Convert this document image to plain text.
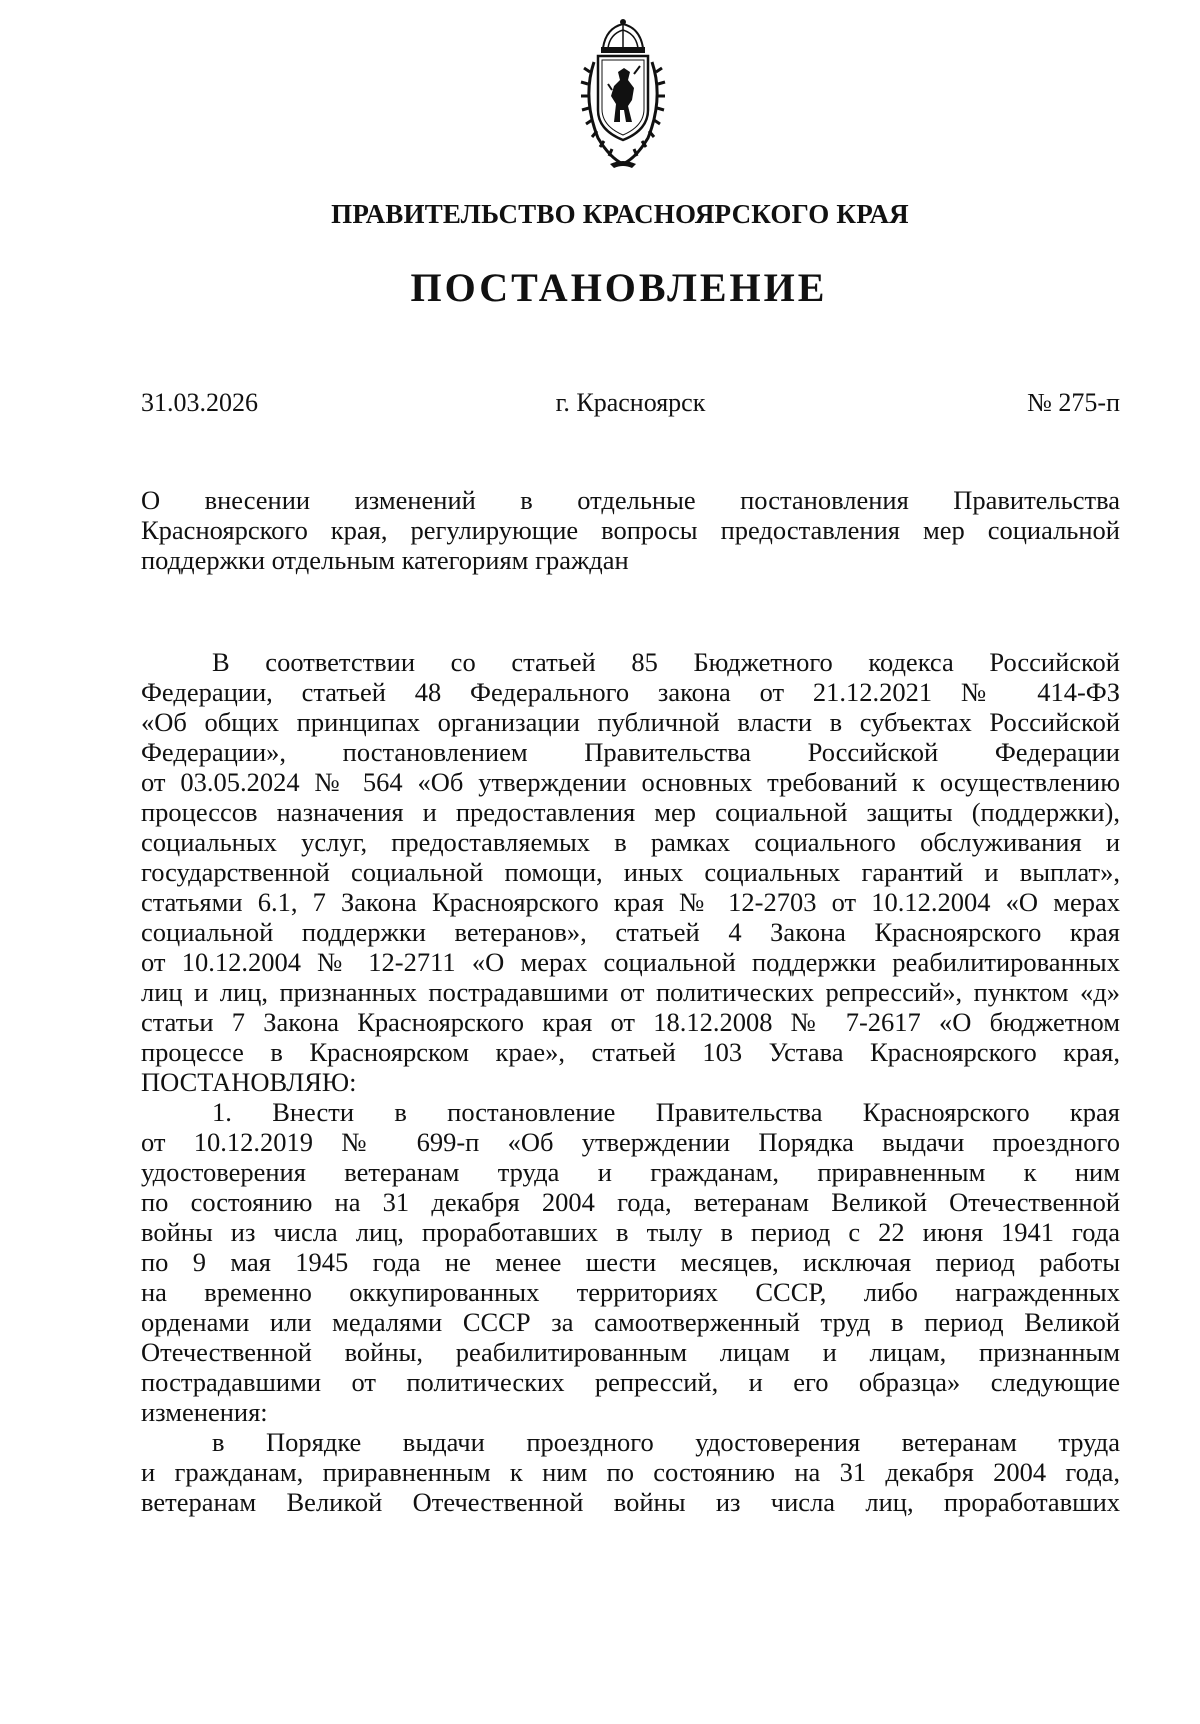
ПРАВИТЕЛЬСТВО КРАСНОЯРСКОГО КРАЯ
ПОСТАНОВЛЕНИЕ
31.03.2026	г. Красноярск	№ 275-п
О внесении изменений в отдельные постановления Правительства
Красноярского края, регулирующие вопросы предоставления мер социальной
поддержки отдельным категориям граждан
В соответствии со статьей 85 Бюджетного кодекса Российской
Федерации, статьей 48 Федерального закона от 21.12.2021 № 414-ФЗ
«Об общих принципах организации публичной власти в субъектах Российской
Федерации», постановлением Правительства Российской Федерации
от 03.05.2024 № 564 «Об утверждении основных требований к осуществлению
процессов назначения и предоставления мер социальной защиты (поддержки),
социальных услуг, предоставляемых в рамках социального обслуживания и
государственной социальной помощи, иных социальных гарантий и выплат»,
статьями 6.1, 7 Закона Красноярского края № 12-2703 от 10.12.2004 «О мерах
социальной поддержки ветеранов», статьей 4 Закона Красноярского края
от 10.12.2004 № 12-2711 «О мерах социальной поддержки реабилитированных
лиц и лиц, признанных пострадавшими от политических репрессий», пунктом «д»
статьи 7 Закона Красноярского края от 18.12.2008 № 7-2617 «О бюджетном
процессе в Красноярском крае», статьей 103 Устава Красноярского края,
ПОСТАНОВЛЯЮ:
1. Внести в постановление Правительства Красноярского края
от 10.12.2019 № 699-п «Об утверждении Порядка выдачи проездного
удостоверения ветеранам труда и гражданам, приравненным к ним
по состоянию на 31 декабря 2004 года, ветеранам Великой Отечественной
войны из числа лиц, проработавших в тылу в период с 22 июня 1941 года
по 9 мая 1945 года не менее шести месяцев, исключая период работы
на временно оккупированных территориях СССР, либо награжденных
орденами или медалями СССР за самоотверженный труд в период Великой
Отечественной войны, реабилитированным лицам и лицам, признанным
пострадавшими от политических репрессий, и его образца» следующие
изменения:
в Порядке выдачи проездного удостоверения ветеранам труда
и гражданам, приравненным к ним по состоянию на 31 декабря 2004 года,
ветеранам Великой Отечественной войны из числа лиц, проработавших
